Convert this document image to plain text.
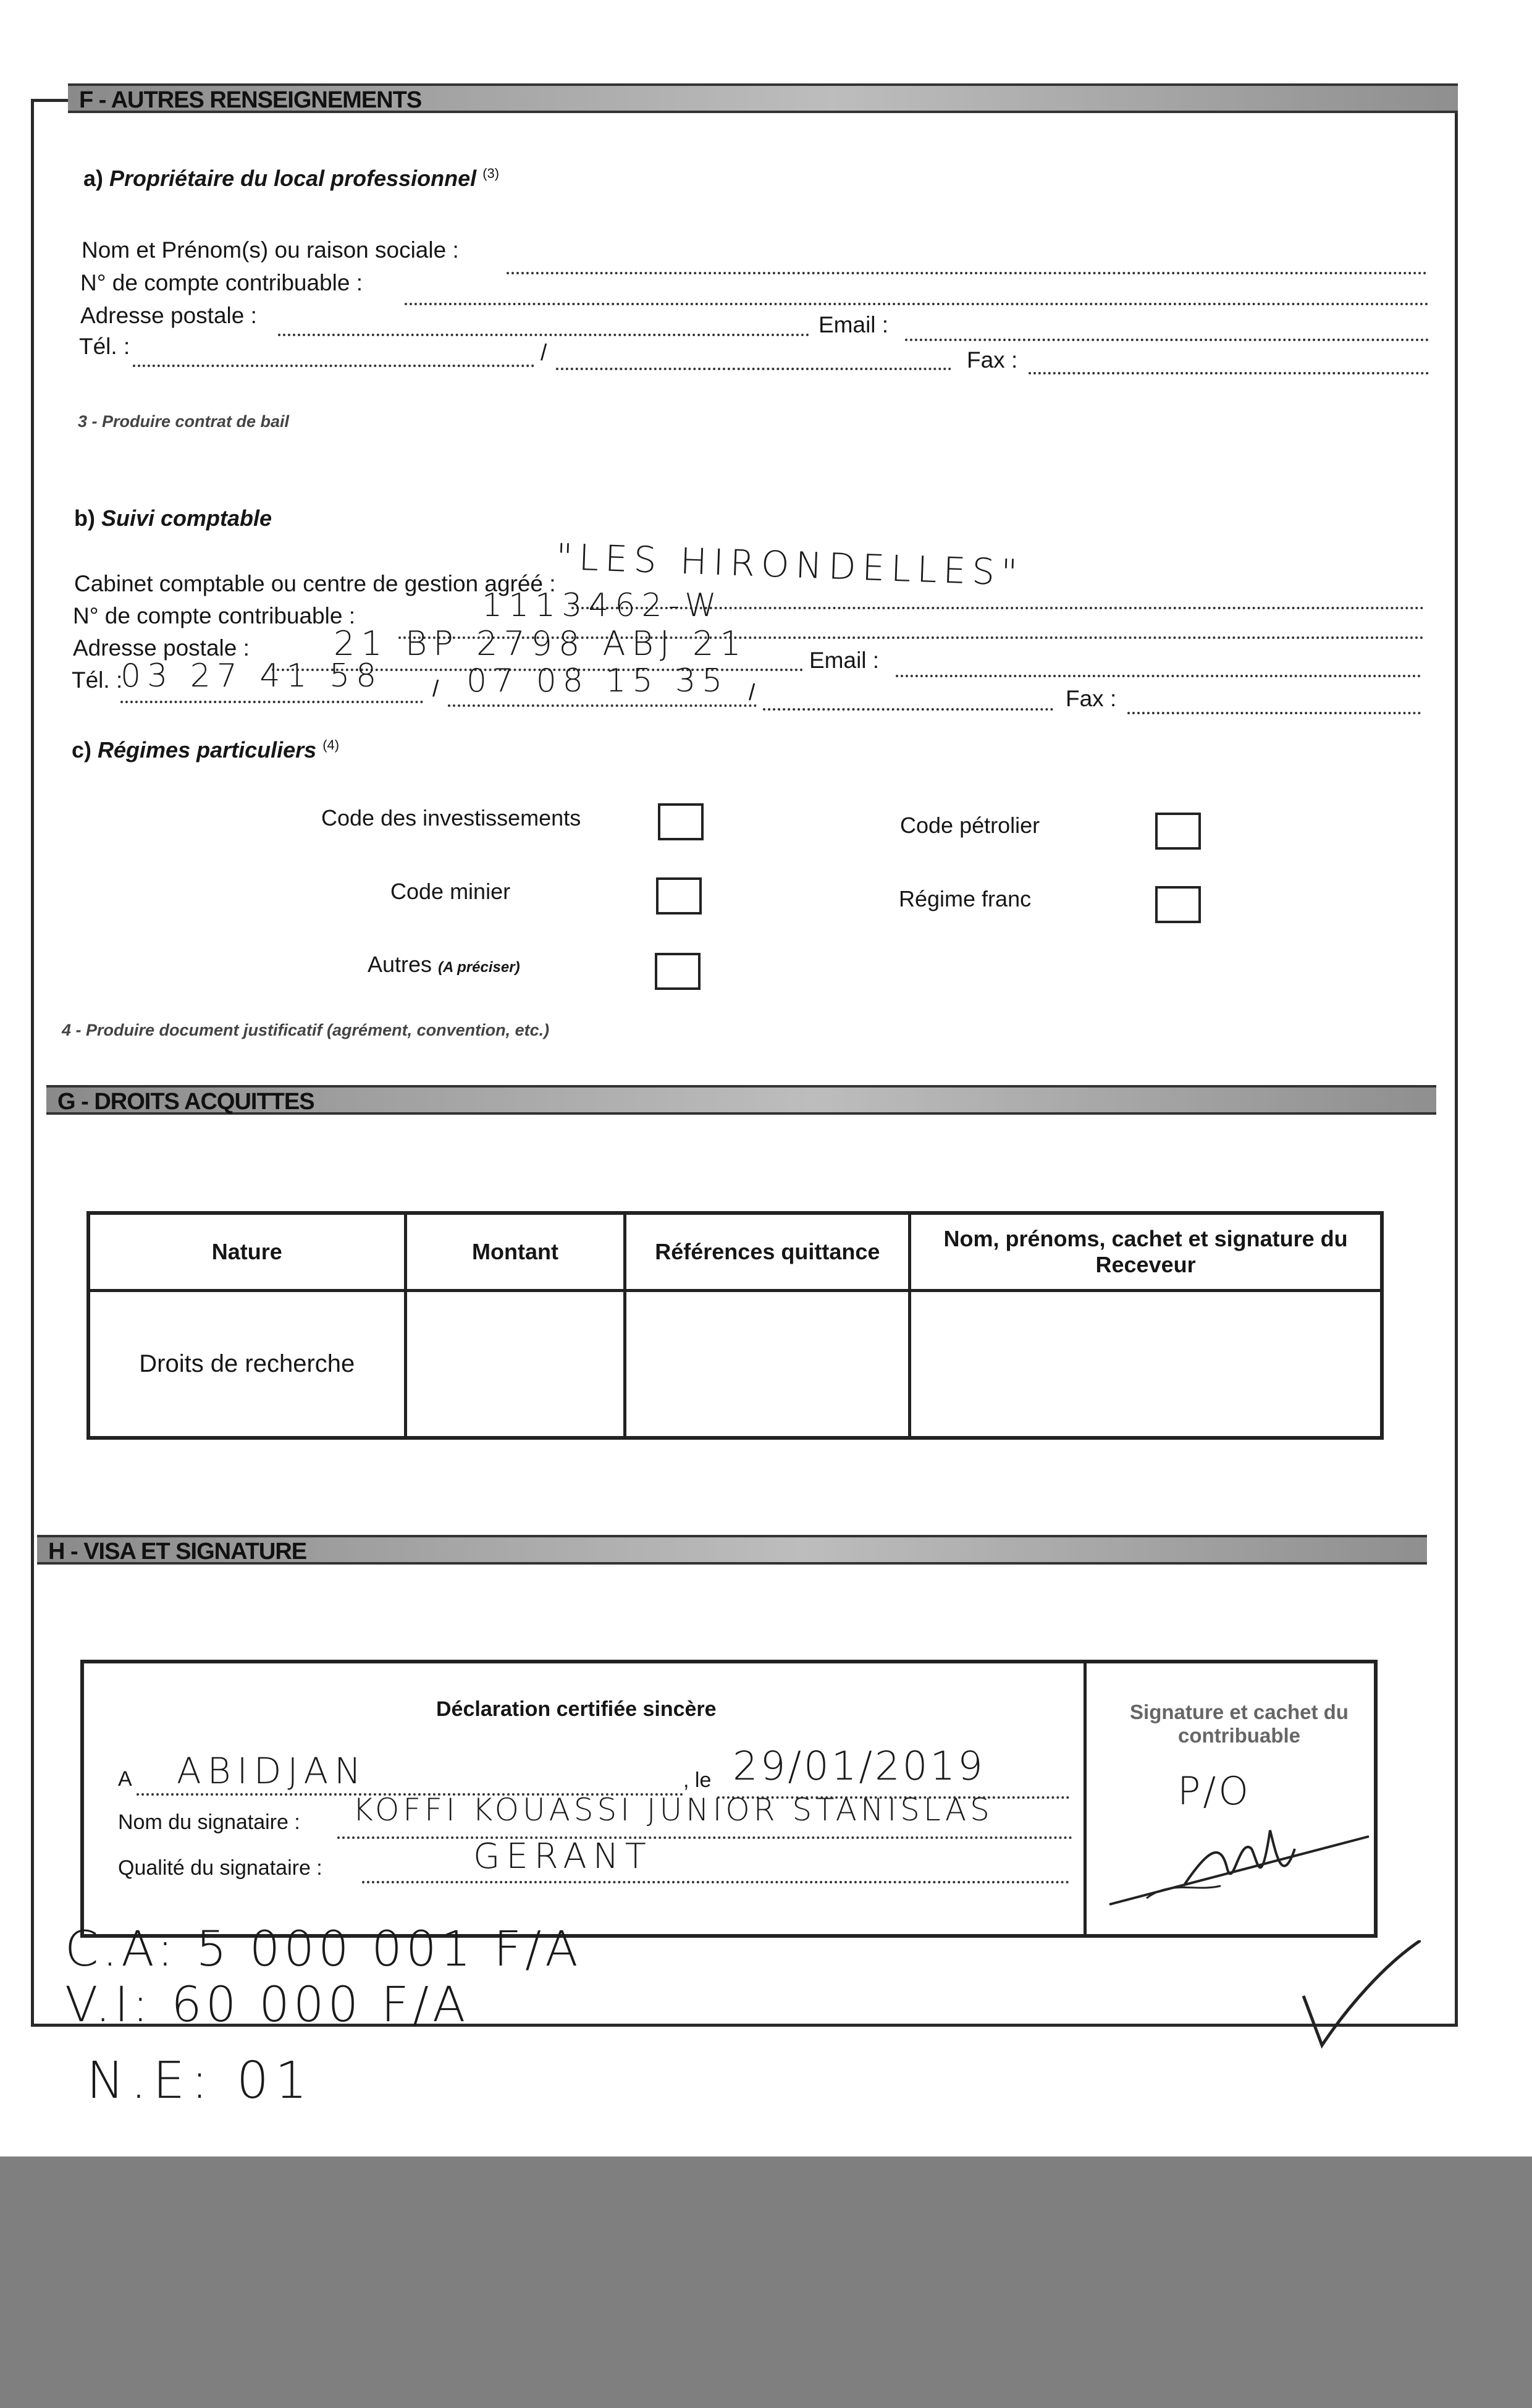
F - AUTRES RENSEIGNEMENTS
a) Propriétaire du local professionnel $^{(3)}$
Nom et Prénom(s) ou raison sociale :
N° de compte contribuable :
Adresse postale :	Email :
Tél. :	/	Fax :
3 - Produire contrat de bail
b) Suivi comptable
Cabinet comptable ou centre de gestion agréé : "LES HIRONDELLES"
N° de compte contribuable :	1113462-W
Adresse postale :	21 BP 2798 ABJ 21	Email :
Tél. :
03 27 41 58 / 07 08 15 35 /	Fax :
c) Régimes particuliers $^{(4)}$
Code des investissements	Code pétrolier
Code minier	Régime franc
Autres (A préciser)
4 - Produire document justificatif (agrément, convention, etc.)
G - DROITS ACQUITTES
Nature	Montant	Références quittance	Nom, prénoms, cachet et signature du Receveur
Droits de recherche			
H - VISA ET SIGNATURE
Déclaration certifiée sincère
A ABIDJAN	, le 29/01/2019
Nom du signataire : KOFFI KOUASSI JUNIOR STANISLAS
Qualité du signataire :	GERANT
Signature et cachet du contribuable
P/O
C.A: 5 000 001 F/A
V.I: 60 000 F/A
N.E: 01
